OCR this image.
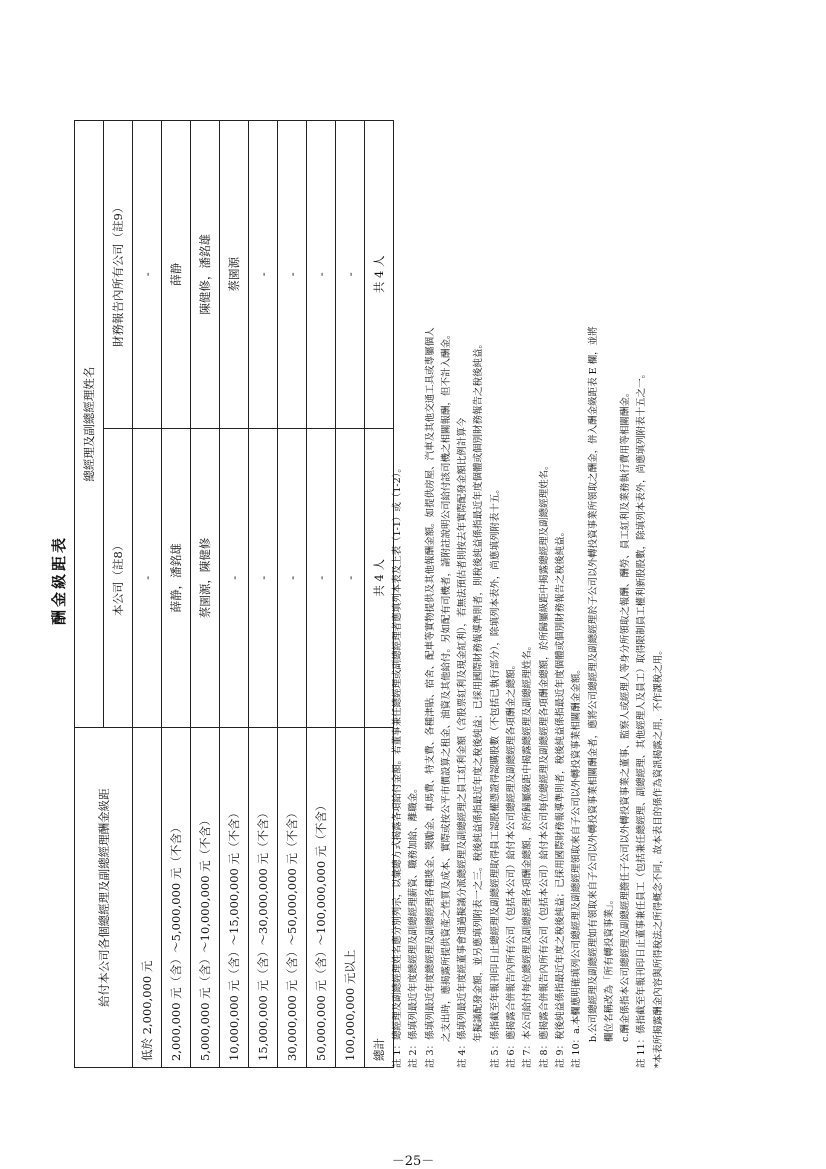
酬金級距表
給付本公司各個總經理及副總經理酬金級距	總經理及副總經理姓名	
	本公司（註8）	財務報告內所有公司（註9）
低於 2,000,000 元	-	-
2,000,000 元（含）～5,000,000 元（不含）	薛静，潘銘雄	薛静
5,000,000 元（含）～10,000,000 元（不含）	蔡園源，陳健修	陳健修，潘銘雄
10,000,000 元（含）～15,000,000 元（不含）	-	蔡園源
15,000,000 元（含）～30,000,000 元（不含）	-	-
30,000,000 元（含）～50,000,000 元（不含）	-	-
50,000,000 元（含）～100,000,000 元（不含）	-	-
100,000,000 元以上	-	-
總計	共 4 人	共 4 人
註 1：總經理及副總經理姓名應分別列示，以彙總方式揭露各項給付金額。若董事兼任總經理或副總經理者應填列本表及上表（1-1）或（1-2）。 註 2：係填列最近年度總經理及副總經理薪資、職務加給、離職金。 註 3：係填列最近年度總經理及副總經理各種獎金、獎勵金、車馬費、特支費、各種津貼、宿舍、配車等實物提供及其他報酬金額。如提供房屋、汽車及其他交通工具或專屬個人 之支出時，應揭露所提供資產之性質及成本、實際或按公平市價設算之租金、油資及其他給付。另如配有司機者，請附註說明公司給付該司機之相關報酬，但不計入酬金。 註 4：係填列最近年度經董事會通過擬議分派總經理及副總經理之員工紅利金額（含股票紅利及現金紅利），若無法預估者則按去年實際配發金額比例計算今 年擬議配發金額，並另應填列附表一之三。稅後純益係指最近年度之稅後純益；已採用國際財務報導準則者，則稅後純益係指最近年度個體或個別財務報告之稅後純益。 註 5：係指截至年報刊印日止總經理及副總經理取得員工認股權憑證得認購股數（不包括已執行部分），除填列本表外，尚應填列附表十五。 註 6：應揭露合併報告內所有公司（包括本公司）給付本公司總經理及副總經理各項酬金之總額。 註 7：本公司給付每位總經理及副總經理各項酬金總額，於所歸屬級距中揭露總經理及副總經理姓名。 註 8：應揭露合併報告內所有公司（包括本公司）給付本公司每位總經理及副總經理各項酬金總額，於所歸屬級距中揭露總經理及副總經理姓名。 註 9：稅後純益係指最近年度之稅後純益；已採用國際財務報導準則者，稅後純益係指最近年度個體或個別財務報告之稅後純益。 註 10：a.本欄應明確填列公司總經理及副總經理領取來自子公司以外轉投資事業相關酬金金額。 b.公司總經理及副總經理如有領取來自子公司以外轉投資事業相關酬金者，應將公司總經理及副總經理於子公司以外轉投資事業所領取之酬金，併入酬金級距表 E 欄，並將 欄位名稱改為「所有轉投資事業」。 c.酬金係指本公司總經理及副總經理擔任子公司以外轉投資事業之董事、監察人或經理人等身分所領取之報酬、酬勞、員工紅利及業務執行費用等相關酬金。 註 11：係指截至年報刊印日止董事兼任員工（包括兼任總經理、副總經理、其他經理人及員工）取得限制員工權利新股股數，除填列本表外，尚應填列附表十五之一。 *本表所揭露酬金內容與所得稅法之所得概念不同，故本表目的係作為資訊揭露之用，不作課稅之用。
－25－
